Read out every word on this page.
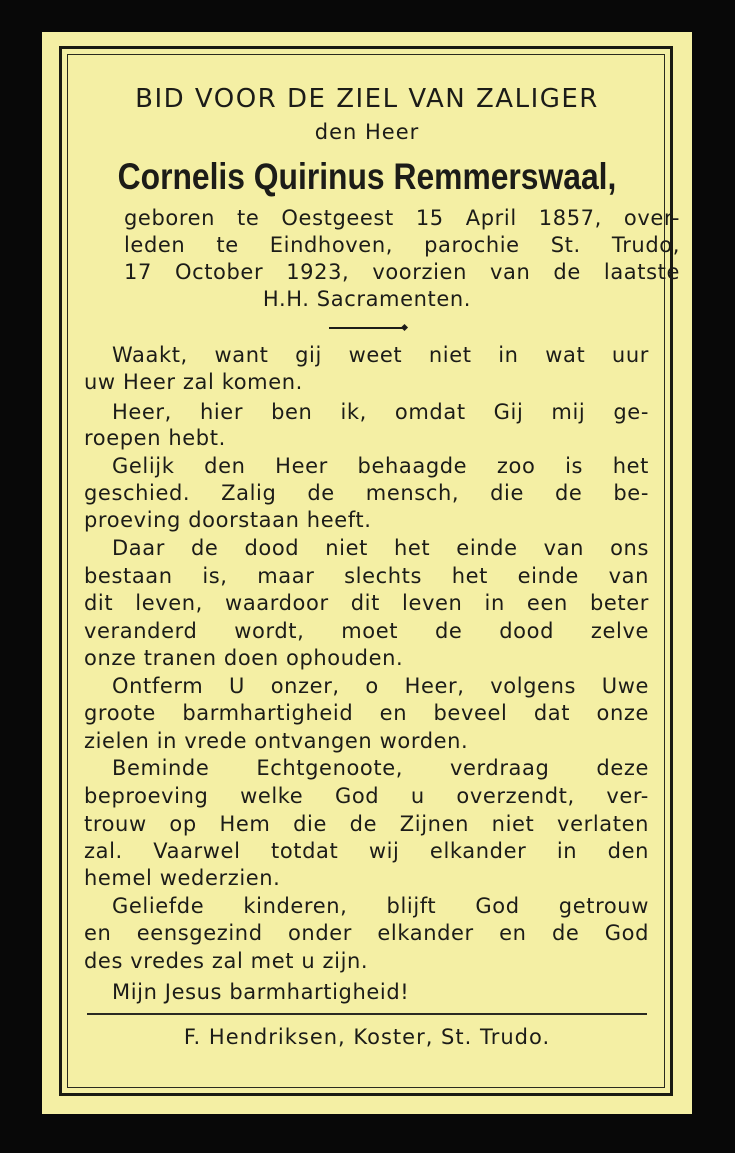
BID VOOR DE ZIEL VAN ZALIGER
den Heer
Cornelis Quirinus Remmerswaal,
geboren te Oestgeest 15 April 1857, over-
leden te Eindhoven, parochie St. Trudo,
17 October 1923, voorzien van de laatste
H.H. Sacramenten.
Waakt, want gij weet niet in wat uur
uw Heer zal komen.
Heer, hier ben ik, omdat Gij mij ge-
roepen hebt.
Gelijk den Heer behaagde zoo is het
geschied. Zalig de mensch, die de be-
proeving doorstaan heeft.
Daar de dood niet het einde van ons
bestaan is, maar slechts het einde van
dit leven, waardoor dit leven in een beter
veranderd wordt, moet de dood zelve
onze tranen doen ophouden.
Ontferm U onzer, o Heer, volgens Uwe
groote barmhartigheid en beveel dat onze
zielen in vrede ontvangen worden.
Beminde Echtgenoote, verdraag deze
beproeving welke God u overzendt, ver-
trouw op Hem die de Zijnen niet verlaten
zal. Vaarwel totdat wij elkander in den
hemel wederzien.
Geliefde kinderen, blijft God getrouw
en eensgezind onder elkander en de God
des vredes zal met u zijn.
Mijn Jesus barmhartigheid!
F. Hendriksen, Koster, St. Trudo.
